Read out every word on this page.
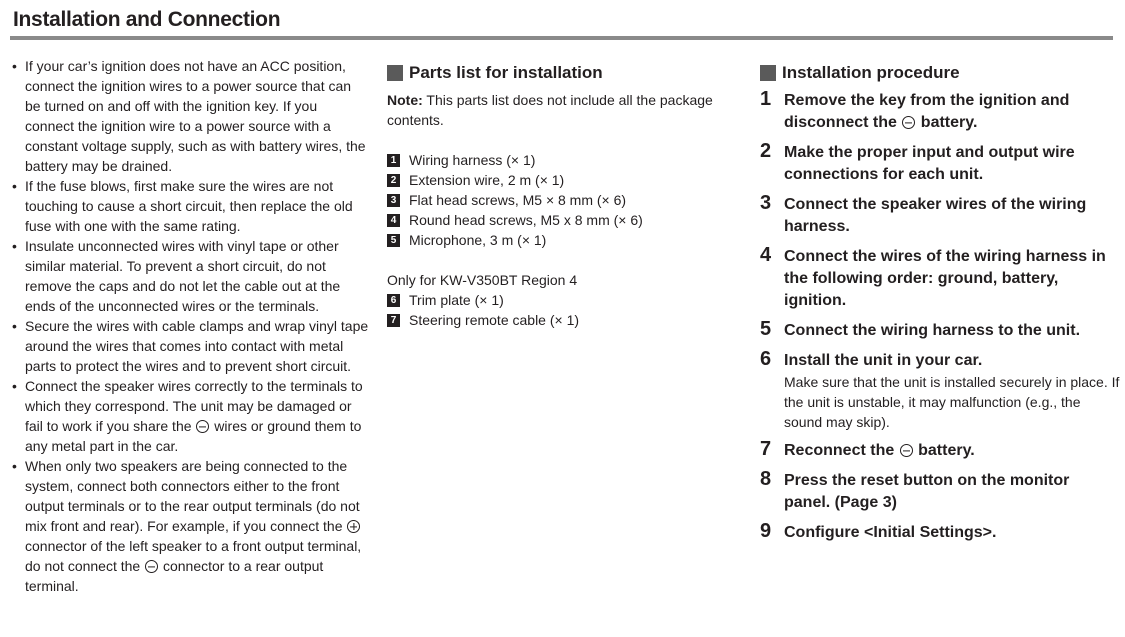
Installation and Connection
• If your car’s ignition does not have an ACC position, connect the ignition wires to a power source that can be turned on and off with the ignition key. If you connect the ignition wire to a power source with a constant voltage supply, such as with battery wires, the battery may be drained.
• If the fuse blows, first make sure the wires are not touching to cause a short circuit, then replace the old fuse with one with the same rating.
• Insulate unconnected wires with vinyl tape or other similar material. To prevent a short circuit, do not remove the caps and do not let the cable out at the ends of the unconnected wires or the terminals.
• Secure the wires with cable clamps and wrap vinyl tape around the wires that comes into contact with metal parts to protect the wires and to prevent short circuit.
• Connect the speaker wires correctly to the terminals to which they correspond. The unit may be damaged or fail to work if you share the  wires or ground them to any metal part in the car.
• When only two speakers are being connected to the system, connect both connectors either to the front output terminals or to the rear output terminals (do not mix front and rear). For example, if you connect the  connector of the left speaker to a front output terminal, do not connect the  connector to a rear output terminal.
Parts list for installation

Note: This parts list does not include all the package contents.

1 Wiring harness (× 1)
2 Extension wire, 2 m (× 1)
3 Flat head screws, M5 × 8 mm (× 6)
4 Round head screws, M5 x 8 mm (× 6)
5 Microphone, 3 m (× 1)

Only for KW-V350BT Region 4

6 Trim plate (× 1)
7 Steering remote cable (× 1)
Installation procedure
1 Remove the key from the ignition and disconnect the  battery.
2 Make the proper input and output wire connections for each unit.
3 Connect the speaker wires of the wiring harness.
4 Connect the wires of the wiring harness in the following order: ground, battery, ignition.
5 Connect the wiring harness to the unit.
6 Install the unit in your car.
Make sure that the unit is installed securely in place. If the unit is unstable, it may malfunction (e.g., the sound may skip).
7 Reconnect the  battery.
8 Press the reset button on the monitor panel. (Page 3)
9 Configure <Initial Settings>.
